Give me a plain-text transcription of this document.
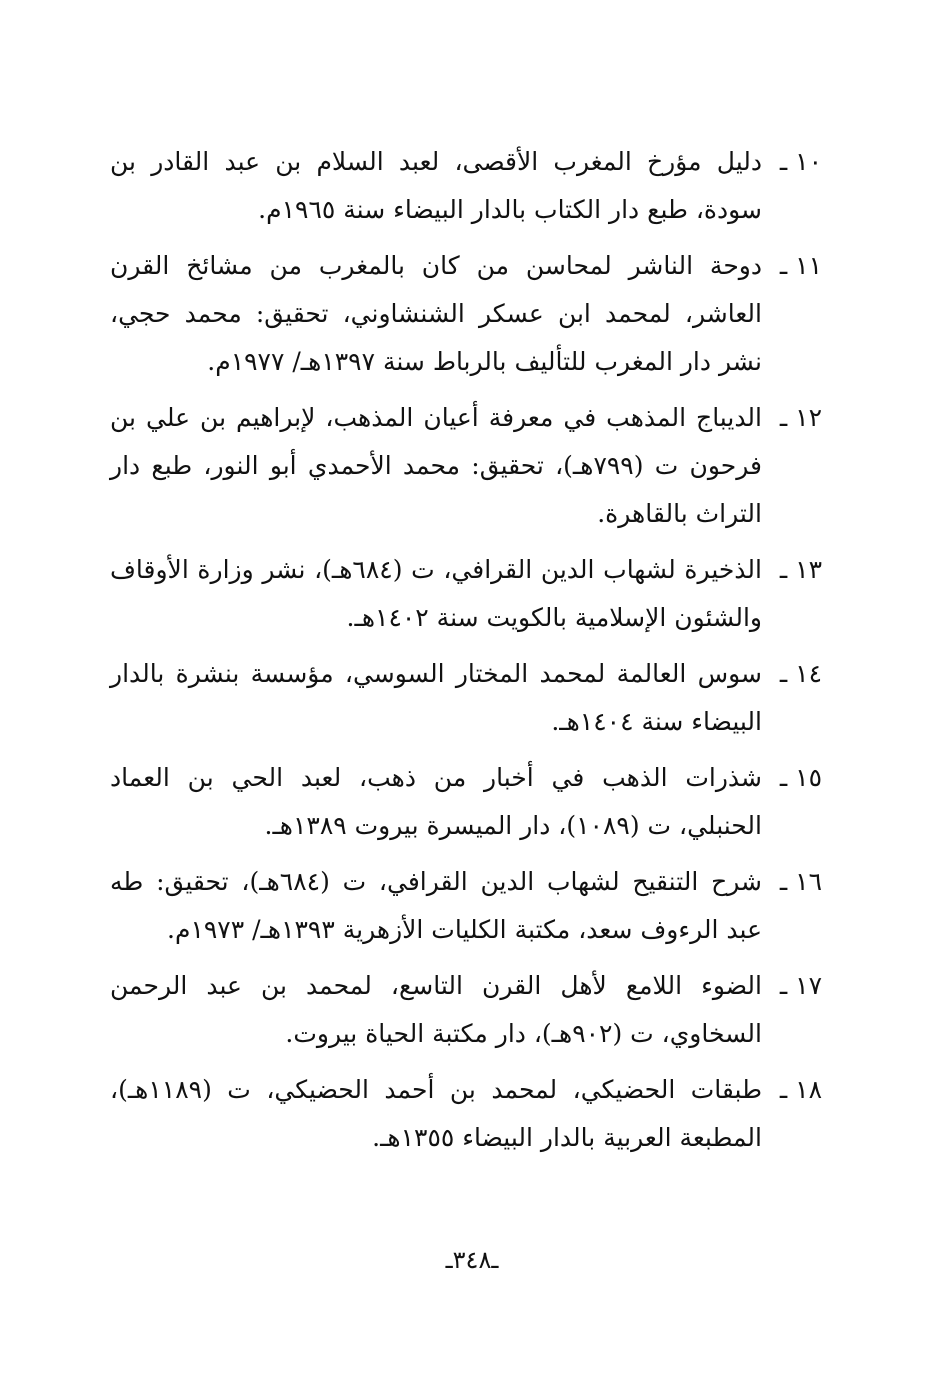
١٠ ـ
دليل مؤرخ المغرب الأقصى، لعبد السلام بن عبد القادر بن سودة، طبع دار الكتاب بالدار البيضاء سنة ١٩٦٥م.
١١ ـ
دوحة الناشر لمحاسن من كان بالمغرب من مشائخ القرن العاشر، لمحمد ابن عسكر الشنشاوني، تحقيق: محمد حجي، نشر دار المغرب للتأليف بالرباط سنة ١٣٩٧هـ/ ١٩٧٧م.
١٢ ـ
الديباج المذهب في معرفة أعيان المذهب، لإبراهيم بن علي بن فرحون ت (٧٩٩هـ)، تحقيق: محمد الأحمدي أبو النور، طبع دار التراث بالقاهرة.
١٣ ـ
الذخيرة لشهاب الدين القرافي، ت (٦٨٤هـ)، نشر وزارة الأوقاف والشئون الإسلامية بالكويت سنة ١٤٠٢هـ.
١٤ ـ
سوس العالمة لمحمد المختار السوسي، مؤسسة بنشرة بالدار البيضاء سنة ١٤٠٤هـ.
١٥ ـ
شذرات الذهب في أخبار من ذهب، لعبد الحي بن العماد الحنبلي، ت (١٠٨٩)، دار الميسرة بيروت ١٣٨٩هـ.
١٦ ـ
شرح التنقيح لشهاب الدين القرافي، ت (٦٨٤هـ)، تحقيق: طه عبد الرءوف سعد، مكتبة الكليات الأزهرية ١٣٩٣هـ/ ١٩٧٣م.
١٧ ـ
الضوء اللامع لأهل القرن التاسع، لمحمد بن عبد الرحمن السخاوي، ت (٩٠٢هـ)، دار مكتبة الحياة بيروت.
١٨ ـ
طبقات الحضيكي، لمحمد بن أحمد الحضيكي، ت (١١٨٩هـ)، المطبعة العربية بالدار البيضاء ١٣٥٥هـ.
ـ٣٤٨ـ
